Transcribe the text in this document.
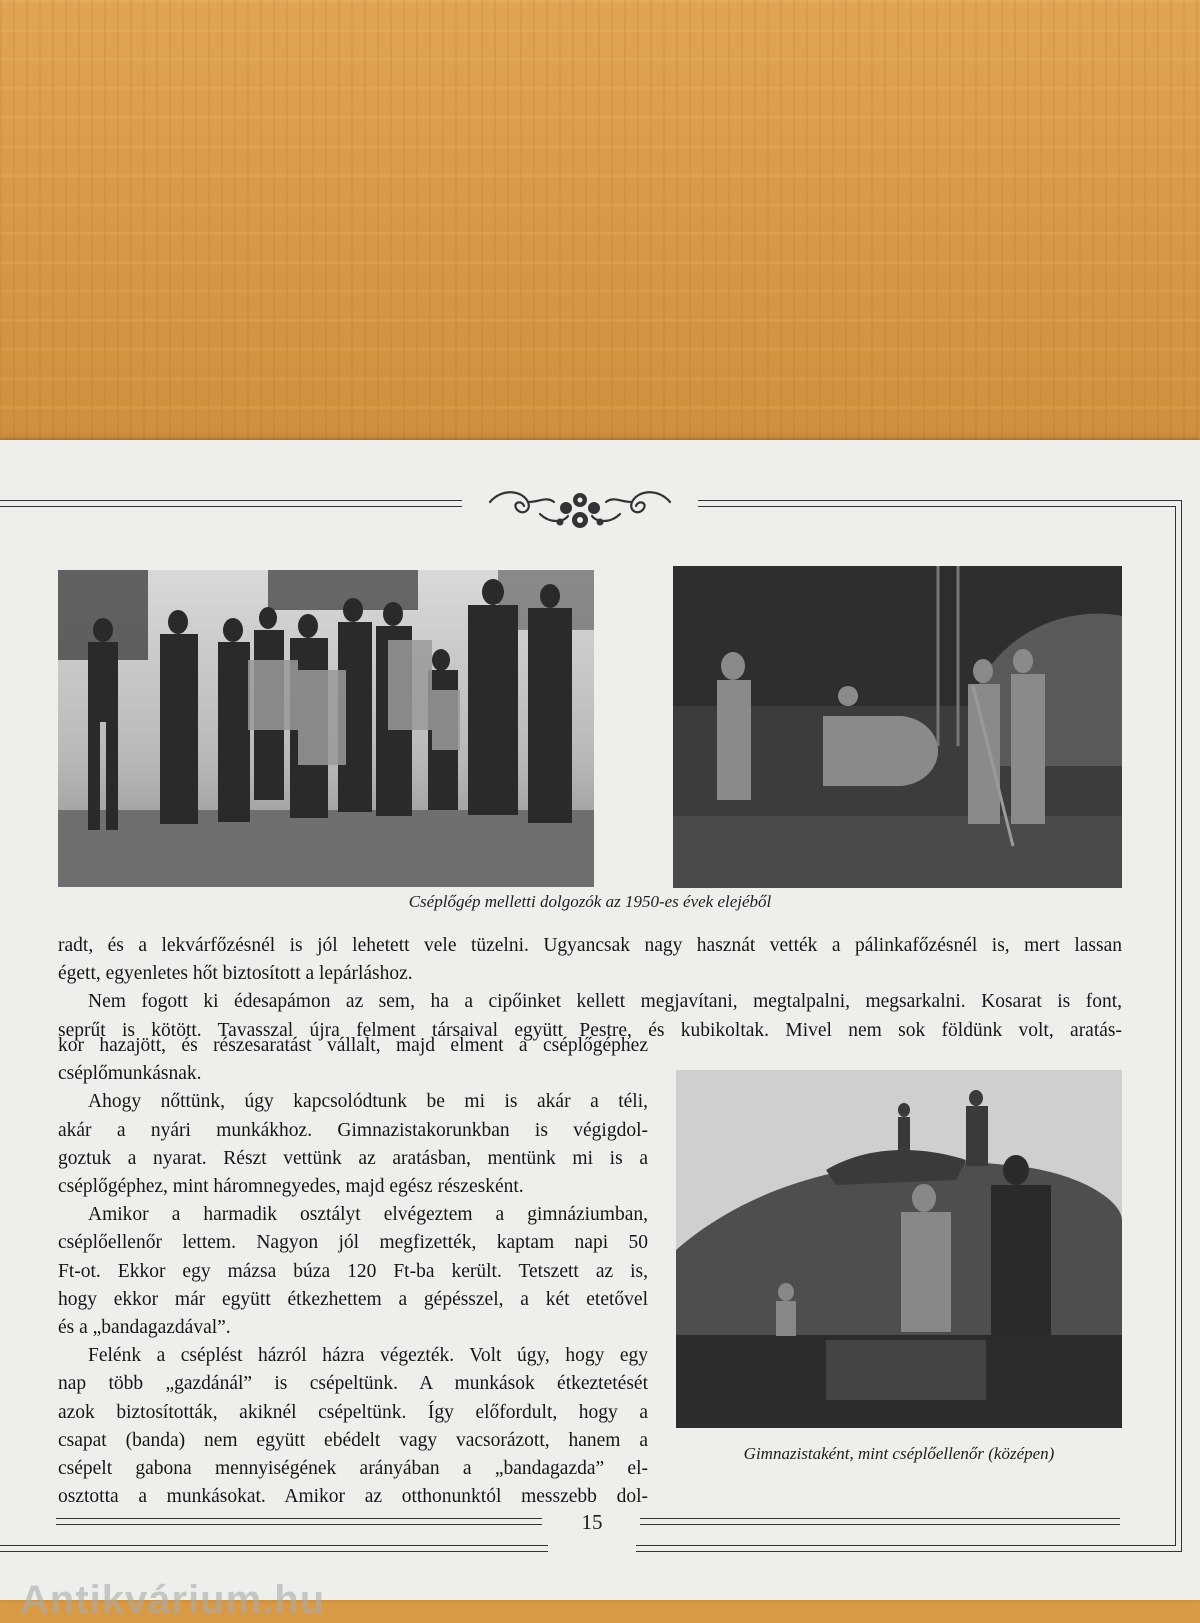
Cséplőgép melletti dolgozók az 1950-es évek elejéből
Gimnazistaként, mint cséplőellenőr (középen)

radt, és a lekvárfőzésnél is jól lehetett vele tüzelni. Ugyancsak nagy hasznát vették a pálinkafőzésnél is, mert lassan

égett, egyenletes hőt biztosított a lepárláshoz.

Nem fogott ki édesapámon az sem, ha a cipőinket kellett megjavítani, megtalpalni, megsarkalni. Kosarat is font,

seprűt is kötött. Tavasszal újra felment társaival együtt Pestre, és kubikoltak. Mivel nem sok földünk volt, aratás-

kor hazajött, és részesaratást vállalt, majd elment a cséplőgéphez

cséplőmunkásnak.

Ahogy nőttünk, úgy kapcsolódtunk be mi is akár a téli,

akár a nyári munkákhoz. Gimnazistakorunkban is végigdol-

goztuk a nyarat. Részt vettünk az aratásban, mentünk mi is a

cséplőgéphez, mint háromnegyedes, majd egész részesként.

Amikor a harmadik osztályt elvégeztem a gimnáziumban,

cséplőellenőr lettem. Nagyon jól megfizették, kaptam napi 50

Ft-ot. Ekkor egy mázsa búza 120 Ft-ba került. Tetszett az is,

hogy ekkor már együtt étkezhettem a gépésszel, a két etetővel

és a „bandagazdával”.

Felénk a cséplést házról házra végezték. Volt úgy, hogy egy

nap több „gazdánál” is csépeltünk. A munkások étkeztetését

azok biztosították, akiknél csépeltünk. Így előfordult, hogy a

csapat (banda) nem együtt ebédelt vagy vacsorázott, hanem a

csépelt gabona mennyiségének arányában a „bandagazda” el-

osztotta a munkásokat. Amikor az otthonunktól messzebb dol-

15
Antikvárium.hu
